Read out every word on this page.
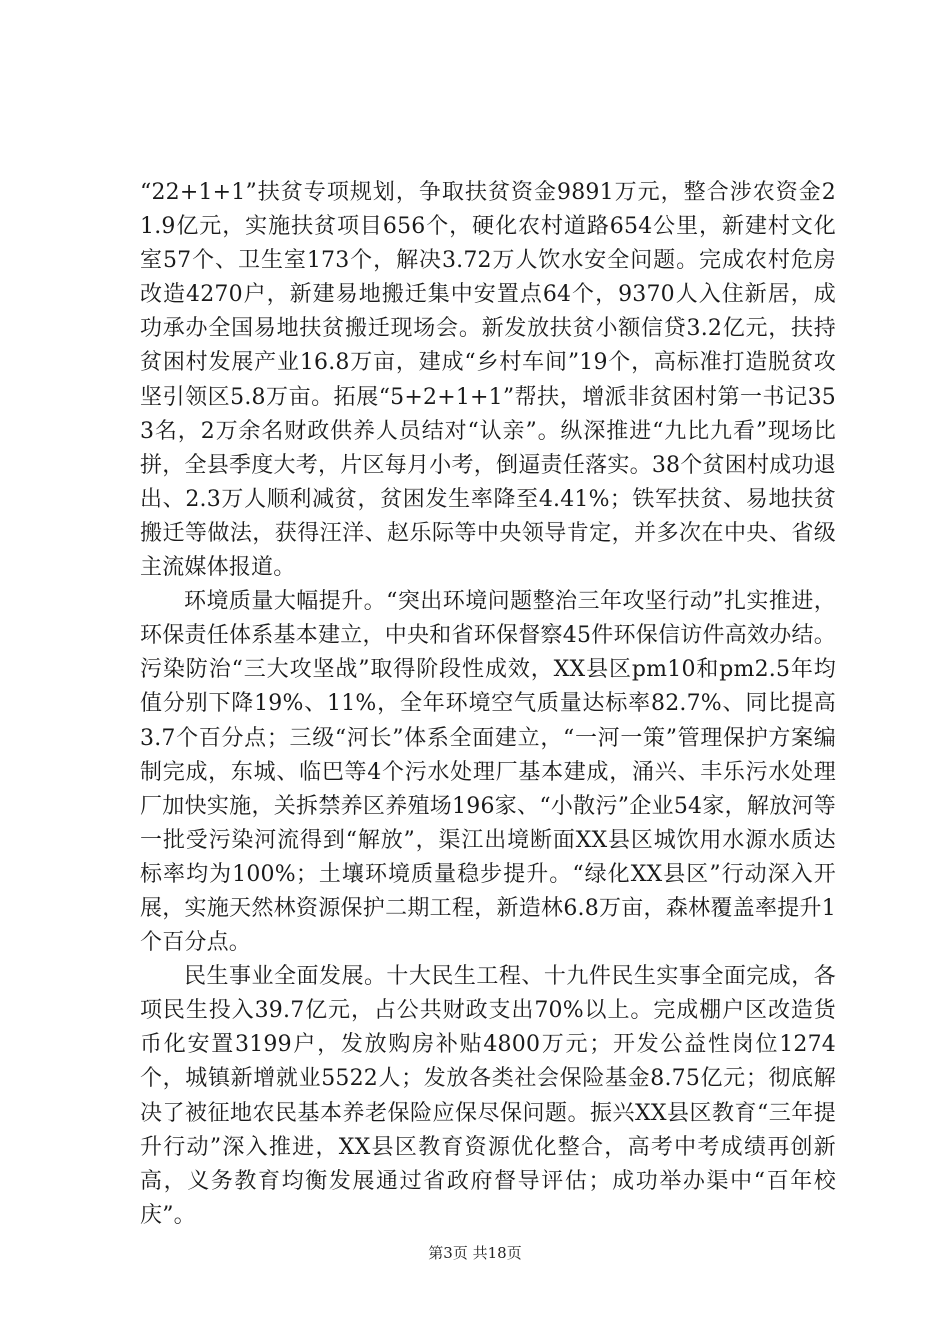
“22+1+1”扶贫专项规划，争取扶贫资金9891万元，整合涉农资金21.9亿元，实施扶贫项目656个，硬化农村道路654公里，新建村文化室57个、卫生室173个，解决3.72万人饮水安全问题。完成农村危房改造4270户，新建易地搬迁集中安置点64个，9370人入住新居，成功承办全国易地扶贫搬迁现场会。新发放扶贫小额信贷3.2亿元，扶持贫困村发展产业16.8万亩，建成“乡村车间”19个，高标准打造脱贫攻坚引领区5.8万亩。拓展“5+2+1+1”帮扶，增派非贫困村第一书记353名，2万余名财政供养人员结对“认亲”。纵深推进“九比九看”现场比拼，全县季度大考，片区每月小考，倒逼责任落实。38个贫困村成功退出、2.3万人顺利减贫，贫困发生率降至4.41%；铁军扶贫、易地扶贫搬迁等做法，获得汪洋、赵乐际等中央领导肯定，并多次在中央、省级主流媒体报道。

环境质量大幅提升。“突出环境问题整治三年攻坚行动”扎实推进，环保责任体系基本建立，中央和省环保督察45件环保信访件高效办结。污染防治“三大攻坚战”取得阶段性成效，XX县区pm10和pm2.5年均值分别下降19%、11%，全年环境空气质量达标率82.7%、同比提高3.7个百分点；三级“河长”体系全面建立，“一河一策”管理保护方案编制完成，东城、临巴等4个污水处理厂基本建成，涌兴、丰乐污水处理厂加快实施，关拆禁养区养殖场196家、“小散污”企业54家，解放河等一批受污染河流得到“解放”，渠江出境断面XX县区城饮用水源水质达标率均为100%；土壤环境质量稳步提升。“绿化XX县区”行动深入开展，实施天然林资源保护二期工程，新造林6.8万亩，森林覆盖率提升1个百分点。

民生事业全面发展。十大民生工程、十九件民生实事全面完成，各项民生投入39.7亿元，占公共财政支出70%以上。完成棚户区改造货币化安置3199户，发放购房补贴4800万元；开发公益性岗位1274个，城镇新增就业5522人；发放各类社会保险基金8.75亿元；彻底解决了被征地农民基本养老保险应保尽保问题。振兴XX县区教育“三年提升行动”深入推进，XX县区教育资源优化整合，高考中考成绩再创新高，义务教育均衡发展通过省政府督导评估；成功举办渠中“百年校庆”。

第3页 共18页
